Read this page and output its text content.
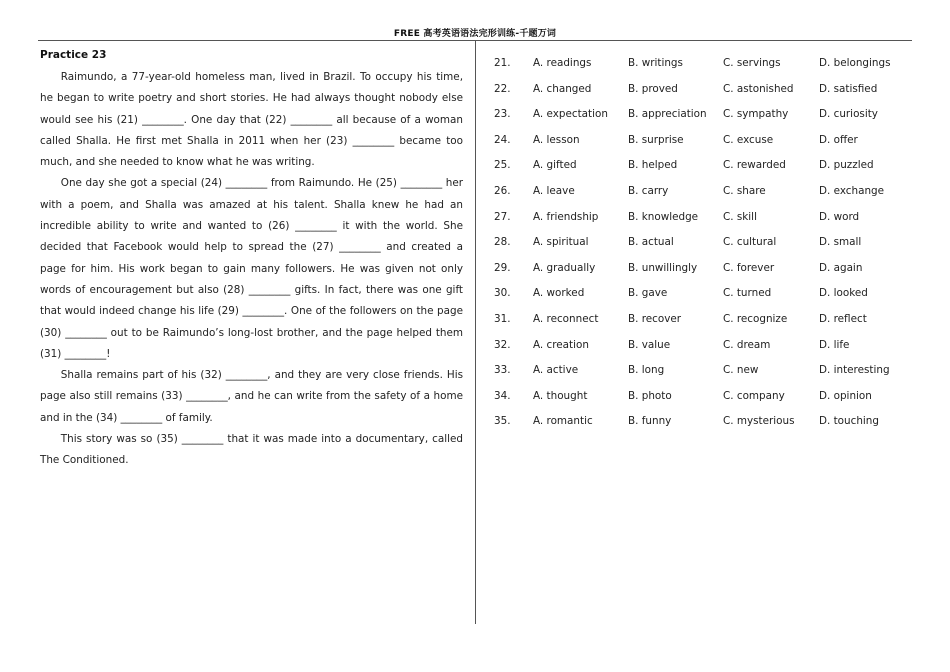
FREE 高考英语语法完形训练-千题万词
Practice 23

Raimundo, a 77-year-old homeless man, lived in Brazil. To occupy his time, he began to write poetry and short stories. He had always thought nobody else would see his (21) ________. One day that (22) ________ all because of a woman called Shalla. He first met Shalla in 2011 when her (23) ________ became too much, and she needed to know what he was writing.

One day she got a special (24) ________ from Raimundo. He (25) ________ her with a poem, and Shalla was amazed at his talent. Shalla knew he had an incredible ability to write and wanted to (26) ________ it with the world. She decided that Facebook would help to spread the (27) ________ and created a page for him. His work began to gain many followers. He was given not only words of encouragement but also (28) ________ gifts. In fact, there was one gift that would indeed change his life (29) ________. One of the followers on the page (30) ________ out to be Raimundo’s long-lost brother, and the page helped them (31) ________!

Shalla remains part of his (32) ________, and they are very close friends. His page also still remains (33) ________, and he can write from the safety of a home and in the (34) ________ of family.

This story was so (35) ________ that it was made into a documentary, called The Conditioned.

21. A. readings	B. writings	C. servings	D. belongings
22. A. changed	B. proved	C. astonished D. satisfied
23. A. expectation B. appreciation C. sympathy	D. curiosity
24. A. lesson	B. surprise	C. excuse	D. offer
25. A. gifted	B. helped	C. rewarded	D. puzzled
26. A. leave	B. carry	C. share	D. exchange
27. A. friendship	B. knowledge C. skill	D. word
28. A. spiritual	B. actual	C. cultural	D. small
29. A. gradually	B. unwillingly C. forever	D. again
30. A. worked	B. gave	C. turned	D. looked
31. A. reconnect	B. recover	C. recognize	D. reflect
32. A. creation	B. value	C. dream	D. life
33. A. active	B. long	C. new	D. interesting
34. A. thought	B. photo	C. company	D. opinion
35. A. romantic	B. funny	C. mysterious D. touching
